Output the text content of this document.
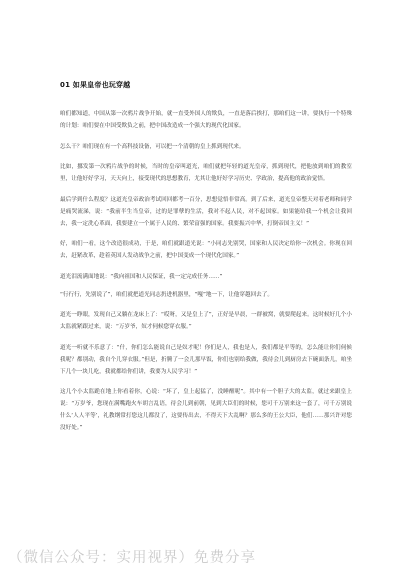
01 如果皇帝也玩穿越

咱们都知道，中国从第一次鸦片战争开始，就一直受外国人的欺负，一直是落后挨打，那咱们这一讲，要执行一个特殊的计划：咱们要在中国受欺负之前，把中国改造成一个强大的现代化国家。

怎么干？咱们现在有一个高科技设备，可以把一个清朝的皇上抓到现代来。

比如，挪发第一次鸦片战争的时候，当时的皇帝叫道光，咱们就把年轻的道光皇帝，抓到现代，把他放到咱们的教室里，让他好好学习，天天向上，接受现代的思想教育，尤其让他好好学习历史、学政治，提高他的政治觉悟。

最后学到什么程度？这道光皇帝政治考试回回都考一百分，思想觉悟非常高。到了后来，道光皇帝整天对着老师和同学是痛哭流涕，说：“我前半生当皇帝，过的是罪孽的生活，我对不起人民，对不起国家。如果能给我一个机会让我回去，我一定洗心革面，我要建立一个属于人民的、繁荣富强的国家。我要振兴中华，打倒帝国主义！”

好，咱们一看，这个改造很成功，于是，咱们就跟道光说：“小同志先别哭，国家和人民决定给你一次机会。你现在回去，赶紧改革，趁着英国人发动战争之前，把中国变成一个现代化国家。”

道光泪流满面地说：“我向祖国和人民保证，我一定完成任务……”

“行行行，先别说了”，咱们就把道光同志扔进机器里，“嘎”地一下，让他穿越回去了。

道光一睁眼，发现自己又躺在龙床上了：“哎呀，又是皇上了”，正好是早晨，一群被窝，就要爬起来。这时候好几个小太监就紧跟过来，说：“万岁爷，奴才伺候您穿衣服。”

道光一听就不乐意了：“什，你们怎么能说自己是奴才呢！你们是人，我也是人，我们都是平等的，怎么能让你们伺候我呢？都别动，我自个儿穿衣服。”但是，折腾了一会儿那早饭，你们也别给我做，我待会儿到厨房去下碗面条儿，咱坐下几个一块儿吃，我就都给你们讲，我要为人民学习！”

这几个小太监跪在地上你看着你，心说：“坏了，皇上起猛了，没睡醒呢”。其中有一个胆子大的太监，就过来跟皇上说：“万岁爷，您现在满嘴跑火车胡言乱语，待会儿到前朝，见到大臣们的时候，您可千万别来这一套了，可千万别说什么‘人人平等’，礼教纲常打您这儿都没了，这要传出去，不得天下大乱啊？那么多的王公大臣，他们……那兴许对您没好处。”

（微信公众号：实用视界）免费分享
